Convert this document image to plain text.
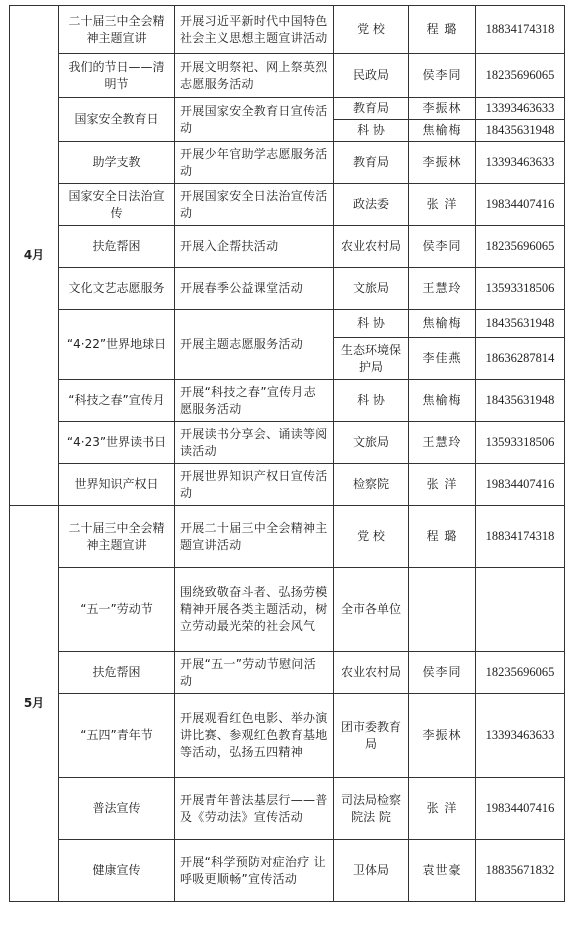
4月	二十届三中全会精神主题宣讲	开展习近平新时代中国特色社会主义思想主题宣讲活动	党 校	程 璐	18834174318
	我们的节日——清明节	开展文明祭祀、网上祭英烈志愿服务活动	民政局	侯李同	18235696065
	国家安全教育日	开展国家安全教育日宣传活动	教育局	李振林	13393463633
			科 协	焦榆梅	18435631948
	助学支教	开展少年官助学志愿服务活动	教育局	李振林	13393463633
	国家安全日法治宣传	开展国家安全日法治宣传活动	政法委	张 洋	19834407416
	扶危帮困	开展入企帮扶活动	农业农村局	侯李同	18235696065
	文化文艺志愿服务	开展春季公益课堂活动	文旅局	王慧玲	13593318506
	“4·22”世界地球日	开展主题志愿服务活动	科 协	焦榆梅	18435631948
			生态环境保护局	李佳燕	18636287814
	“科技之春”宣传月	开展“科技之春”宣传月志愿服务活动	科 协	焦榆梅	18435631948
	“4·23”世界读书日	开展读书分享会、诵读等阅读活动	文旅局	王慧玲	13593318506
	世界知识产权日	开展世界知识产权日宣传活动	检察院	张 洋	19834407416
5月	二十届三中全会精神主题宣讲	开展二十届三中全会精神主题宣讲活动	党 校	程 璐	18834174318
	“五一”劳动节	围绕致敬奋斗者、弘扬劳模精神开展各类主题活动，树立劳动最光荣的社会风气	全市各单位		
	扶危帮困	开展“五一”劳动节慰问活动	农业农村局	侯李同	18235696065
	“五四”青年节	开展观看红色电影、举办演讲比赛、参观红色教育基地等活动，弘扬五四精神	团市委教育局	李振林	13393463633
	普法宣传	开展青年普法基层行——普及《劳动法》宣传活动	司法局检察院法 院	张 洋	19834407416
	健康宣传	开展“科学预防对症治疗 让呼吸更顺畅”宣传活动	卫体局	袁世豪	18835671832
